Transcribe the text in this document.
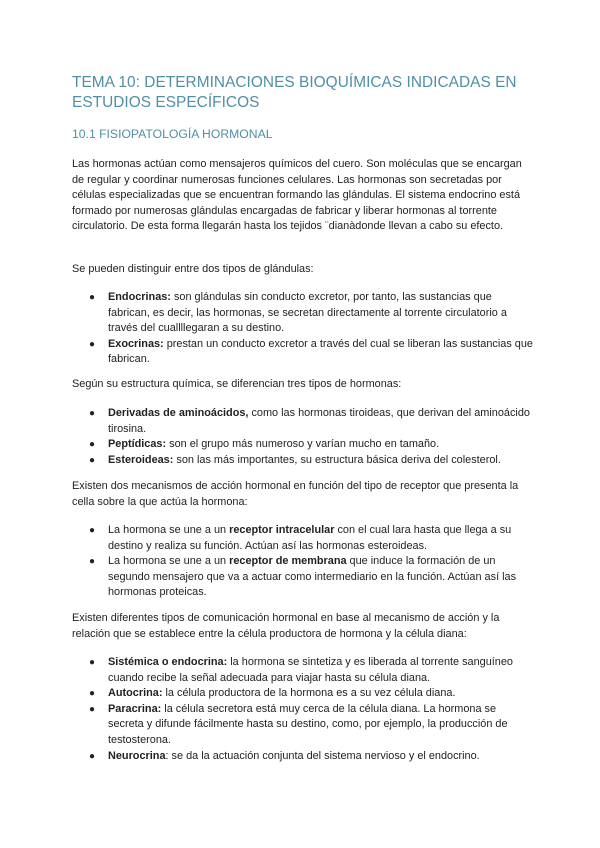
TEMA 10: DETERMINACIONES BIOQUÍMICAS INDICADAS EN ESTUDIOS ESPECÍFICOS
10.1 FISIOPATOLOGÍA HORMONAL

Las hormonas actúan como mensajeros químicos del cuero. Son moléculas que se encargan de regular y coordinar numerosas funciones celulares. Las hormonas son secretadas por células especializadas que se encuentran formando las glándulas. El sistema endocrino está formado por numerosas glándulas encargadas de fabricar y liberar hormonas al torrente circulatorio. De esta forma llegarán hasta los tejidos ¨dianàdonde llevan a cabo su efecto.

Se pueden distinguir entre dos tipos de glándulas:

● Endocrinas: son glándulas sin conducto excretor, por tanto, las sustancias que fabrican, es decir, las hormonas, se secretan directamente al torrente circulatorio a través del cuallllegaran a su destino.
● Exocrinas: prestan un conducto excretor a través del cual se liberan las sustancias que fabrican.

Según su estructura química, se diferencian tres tipos de hormonas:

● Derivadas de aminoácidos, como las hormonas tiroideas, que derivan del aminoácido tirosina.
● Peptídicas: son el grupo más numeroso y varían mucho en tamaño.
● Esteroideas: son las más importantes, su estructura básica deriva del colesterol.

Existen dos mecanismos de acción hormonal en función del tipo de receptor que presenta la cella sobre la que actúa la hormona:

● La hormona se une a un receptor intracelular con el cual lara hasta que llega a su destino y realiza su función. Actúan así las hormonas esteroideas.
● La hormona se une a un receptor de membrana que induce la formación de un segundo mensajero que va a actuar como intermediario en la función. Actúan así las hormonas proteicas.

Existen diferentes tipos de comunicación hormonal en base al mecanismo de acción y la relación que se establece entre la célula productora de hormona y la célula diana:

● Sistémica o endocrina: la hormona se sintetiza y es liberada al torrente sanguíneo cuando recibe la señal adecuada para viajar hasta su célula diana.
● Autocrina: la célula productora de la hormona es a su vez célula diana.
● Paracrina: la célula secretora está muy cerca de la célula diana. La hormona se secreta y difunde fácilmente hasta su destino, como, por ejemplo, la producción de testosterona.
● Neurocrina: se da la actuación conjunta del sistema nervioso y el endocrino.
